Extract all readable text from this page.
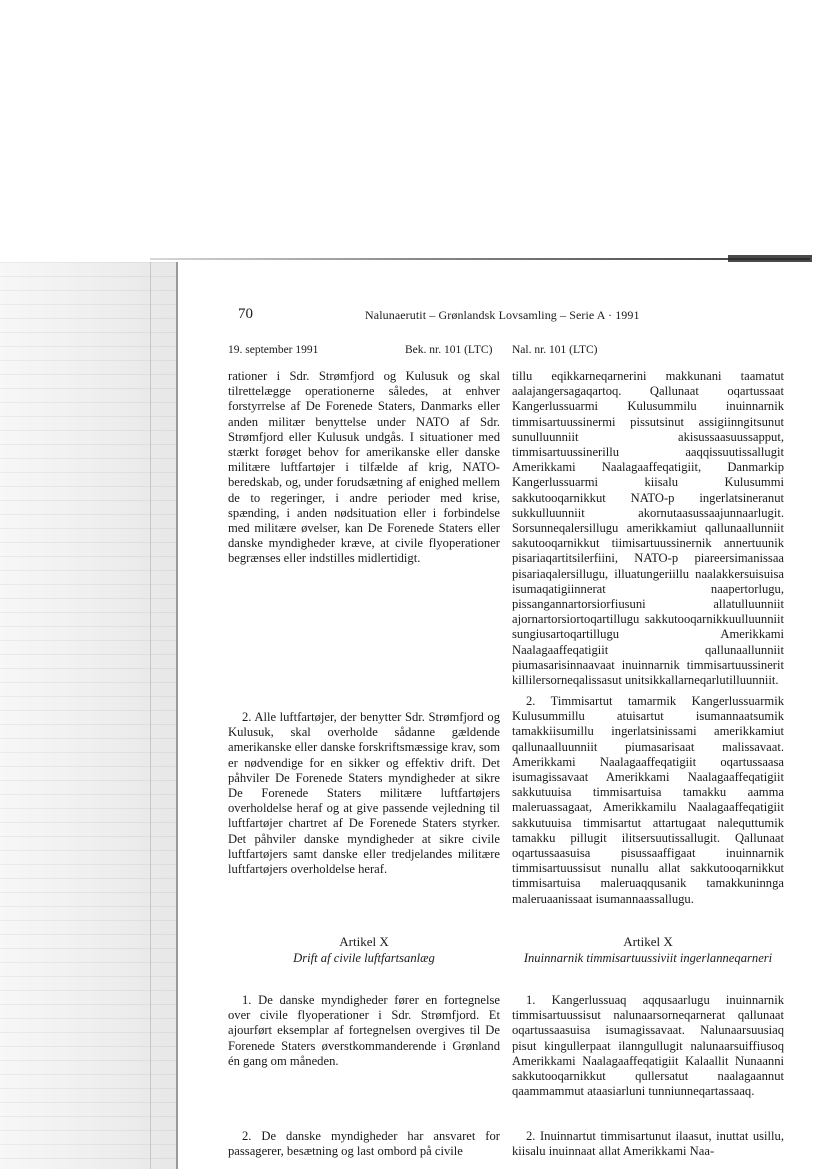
70	Nalunaerutit – Grønlandsk Lovsamling – Serie A · 1991
19. september 1991	Bek. nr. 101 (LTC) Nal. nr. 101 (LTC)

rationer i Sdr. Strømfjord og Kulusuk og skal tilrettelægge operationerne således, at enhver forstyrrelse af De Forenede Staters, Danmarks eller anden militær benyttelse under NATO af Sdr. Strømfjord eller Kulusuk undgås. I situationer med stærkt forøget behov for amerikanske eller danske militære luftfartøjer i tilfælde af krig, NATO-beredskab, og, under forudsætning af enighed mellem de to regeringer, i andre perioder med krise, spænding, i anden nødsituation eller i forbindelse med militære øvelser, kan De Forenede Staters eller danske myndigheder kræve, at civile flyoperationer begrænses eller indstilles midlertidigt.

2. Alle luftfartøjer, der benytter Sdr. Strømfjord og Kulusuk, skal overholde sådanne gældende amerikanske eller danske forskriftsmæssige krav, som er nødvendige for en sikker og effektiv drift. Det påhviler De Forenede Staters myndigheder at sikre De Forenede Staters militære luftfartøjers overholdelse heraf og at give passende vejledning til luftfartøjer chartret af De Forenede Staters styrker. Det påhviler danske myndigheder at sikre civile luftfartøjers samt danske eller tredjelandes militære luftfartøjers overholdelse heraf.

Artikel X
Drift af civile luftfartsanlæg

1. De danske myndigheder fører en fortegnelse over civile flyoperationer i Sdr. Strømfjord. Et ajourført eksemplar af fortegnelsen overgives til De Forenede Staters øverstkommanderende i Grønland én gang om måneden.

2. De danske myndigheder har ansvaret for passagerer, besætning og last ombord på civile

tillu eqikkarneqarnerini makkunani taamatut aalajangersagaqartoq. Qallunaat oqartussaat Kangerlussuarmi Kulusummilu inuinnarnik timmisartuussinermi pissutsinut assigiinngitsunut sunulluunniit akisussaasuussapput, timmisartuussinerillu aaqqissuutissallugit Amerikkami Naalagaaffeqatigiit, Danmarkip Kangerlussuarmi kiisalu Kulusummi sakkutooqarnikkut NATO-p ingerlatsineranut sukkulluunniit akornutaasussaajunnaarlugit. Sorsunneqalersillugu amerikkamiut qallunaallunniit sakutooqarnikkut tiimisartuussinernik annertuunik pisariaqartitsilerfiini, NATO-p piareersimanissaa pisariaqalersillugu, illuatungeriillu naalakkersuisuisa isumaqatigiinnerat naapertorlugu, pissangannartorsiorfiusuni allatulluunniit ajornartorsiortoqartillugu sakkutooqarnikkuulluunniit sungiusartoqartillugu Amerikkami Naalagaaffeqatigiit qallunaallunniit piumasarisinnaavaat inuinnarnik timmisartuussinerit killilersorneqalissasut unitsikkallarneqarlutilluunniit.

2. Timmisartut tamarmik Kangerlussuarmik Kulusummillu atuisartut isumannaatsumik tamakkiisumillu ingerlatsinissami amerikkamiut qallunaalluunniit piumasarisaat malissavaat. Amerikkami Naalagaaffeqatigiit oqartussaasa isumagissavaat Amerikkami Naalagaaffeqatigiit sakkutuuisa timmisartuisa tamakku aamma maleruassagaat, Amerikkamilu Naalagaaffeqatigiit sakkutuuisa timmisartut attartugaat nalequttumik tamakku pillugit ilitsersuutissallugit. Qallunaat oqartussaasuisa pisussaaffigaat inuinnarnik timmisartuussisut nunallu allat sakkutooqarnikkut timmisartuisa maleruaqqusanik tamakkuninnga maleruaanissaat isumannaassallugu.

Artikel X
Inuinnarnik timmisartuussiviit ingerlanneqarneri

1. Kangerlussuaq aqqusaarlugu inuinnarnik timmisartuussisut nalunaarsorneqarnerat qallunaat oqartussaasuisa isumagissavaat. Nalunaarsuusiaq pisut kingullerpaat ilanngullugit nalunaarsuiffiusoq Amerikkami Naalagaaffeqatigiit Kalaallit Nunaanni sakkutooqarnikkut qullersatut naalagaannut qaammammut ataasiarluni tunniunneqartassaaq.

2. Inuinnartut timmisartunut ilaasut, inuttat usillu, kiisalu inuinnaat allat Amerikkami Naa-
